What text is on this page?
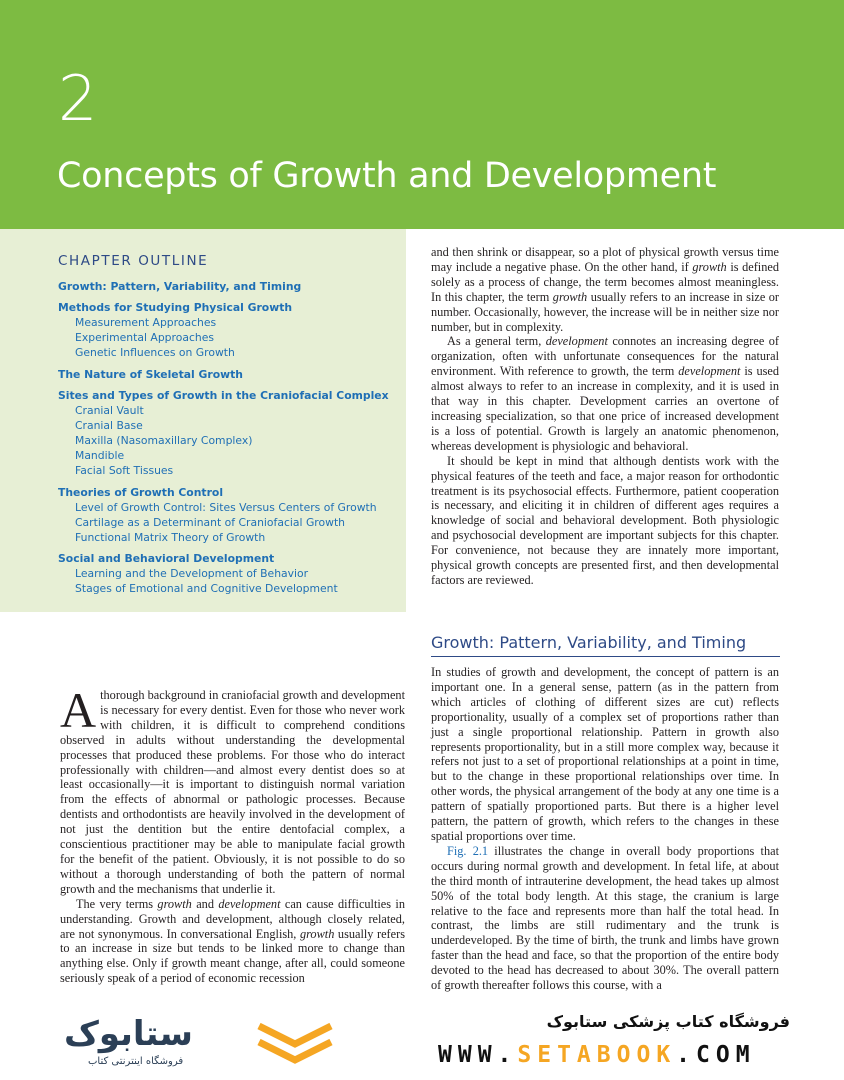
2
Concepts of Growth and Development
CHAPTER OUTLINE
Growth: Pattern, Variability, and Timing
Methods for Studying Physical Growth
Measurement Approaches
Experimental Approaches
Genetic Influences on Growth
The Nature of Skeletal Growth
Sites and Types of Growth in the Craniofacial Complex
Cranial Vault
Cranial Base
Maxilla (Nasomaxillary Complex)
Mandible
Facial Soft Tissues
Theories of Growth Control
Level of Growth Control: Sites Versus Centers of Growth
Cartilage as a Determinant of Craniofacial Growth
Functional Matrix Theory of Growth
Social and Behavioral Development
Learning and the Development of Behavior
Stages of Emotional and Cognitive Development

and then shrink or disappear, so a plot of physical growth versus time may include a negative phase. On the other hand, if growth is defined solely as a process of change, the term becomes almost meaningless. In this chapter, the term growth usually refers to an increase in size or number. Occasionally, however, the increase will be in neither size nor number, but in complexity.

As a general term, development connotes an increasing degree of organization, often with unfortunate consequences for the natural environment. With reference to growth, the term development is used almost always to refer to an increase in complexity, and it is used in that way in this chapter. Development carries an overtone of increasing specialization, so that one price of increased development is a loss of potential. Growth is largely an anatomic phenomenon, whereas development is physiologic and behavioral.

It should be kept in mind that although dentists work with the physical features of the teeth and face, a major reason for orthodontic treatment is its psychosocial effects. Furthermore, patient cooperation is necessary, and eliciting it in children of different ages requires a knowledge of social and behavioral development. Both physiologic and psychosocial development are important subjects for this chapter. For convenience, not because they are innately more important, physical growth concepts are presented first, and then developmental factors are reviewed.

Growth: Pattern, Variability, and Timing

In studies of growth and development, the concept of pattern is an important one. In a general sense, pattern (as in the pattern from which articles of clothing of different sizes are cut) reflects proportionality, usually of a complex set of proportions rather than just a single proportional relationship. Pattern in growth also represents proportionality, but in a still more complex way, because it refers not just to a set of proportional relationships at a point in time, but to the change in these proportional relationships over time. In other words, the physical arrangement of the body at any one time is a pattern of spatially proportioned parts. But there is a higher level pattern, the pattern of growth, which refers to the changes in these spatial proportions over time.

Fig. 2.1 illustrates the change in overall body proportions that occurs during normal growth and development. In fetal life, at about the third month of intrauterine development, the head takes up almost 50% of the total body length. At this stage, the cranium is large relative to the face and represents more than half the total head. In contrast, the limbs are still rudimentary and the trunk is underdeveloped. By the time of birth, the trunk and limbs have grown faster than the head and face, so that the proportion of the entire body devoted to the head has decreased to about 30%. The overall pattern of growth thereafter follows this course, with a

A thorough background in craniofacial growth and development is necessary for every dentist. Even for those who never work with children, it is difficult to comprehend conditions observed in adults without understanding the developmental processes that produced these problems. For those who do interact professionally with children—and almost every dentist does so at least occasionally—it is important to distinguish normal variation from the effects of abnormal or pathologic processes. Because dentists and orthodontists are heavily involved in the development of not just the dentition but the entire dentofacial complex, a conscientious practitioner may be able to manipulate facial growth for the benefit of the patient. Obviously, it is not possible to do so without a thorough understanding of both the pattern of normal growth and the mechanisms that underlie it.

The very terms growth and development can cause difficulties in understanding. Growth and development, although closely related, are not synonymous. In conversational English, growth usually refers to an increase in size but tends to be linked more to change than anything else. Only if growth meant change, after all, could someone seriously speak of a period of economic recession

ستابوک
فروشگاه اینترنتی کتاب
فروشگاه کتاب پزشکی ستابوک
WWW.SETABOOK.COM
